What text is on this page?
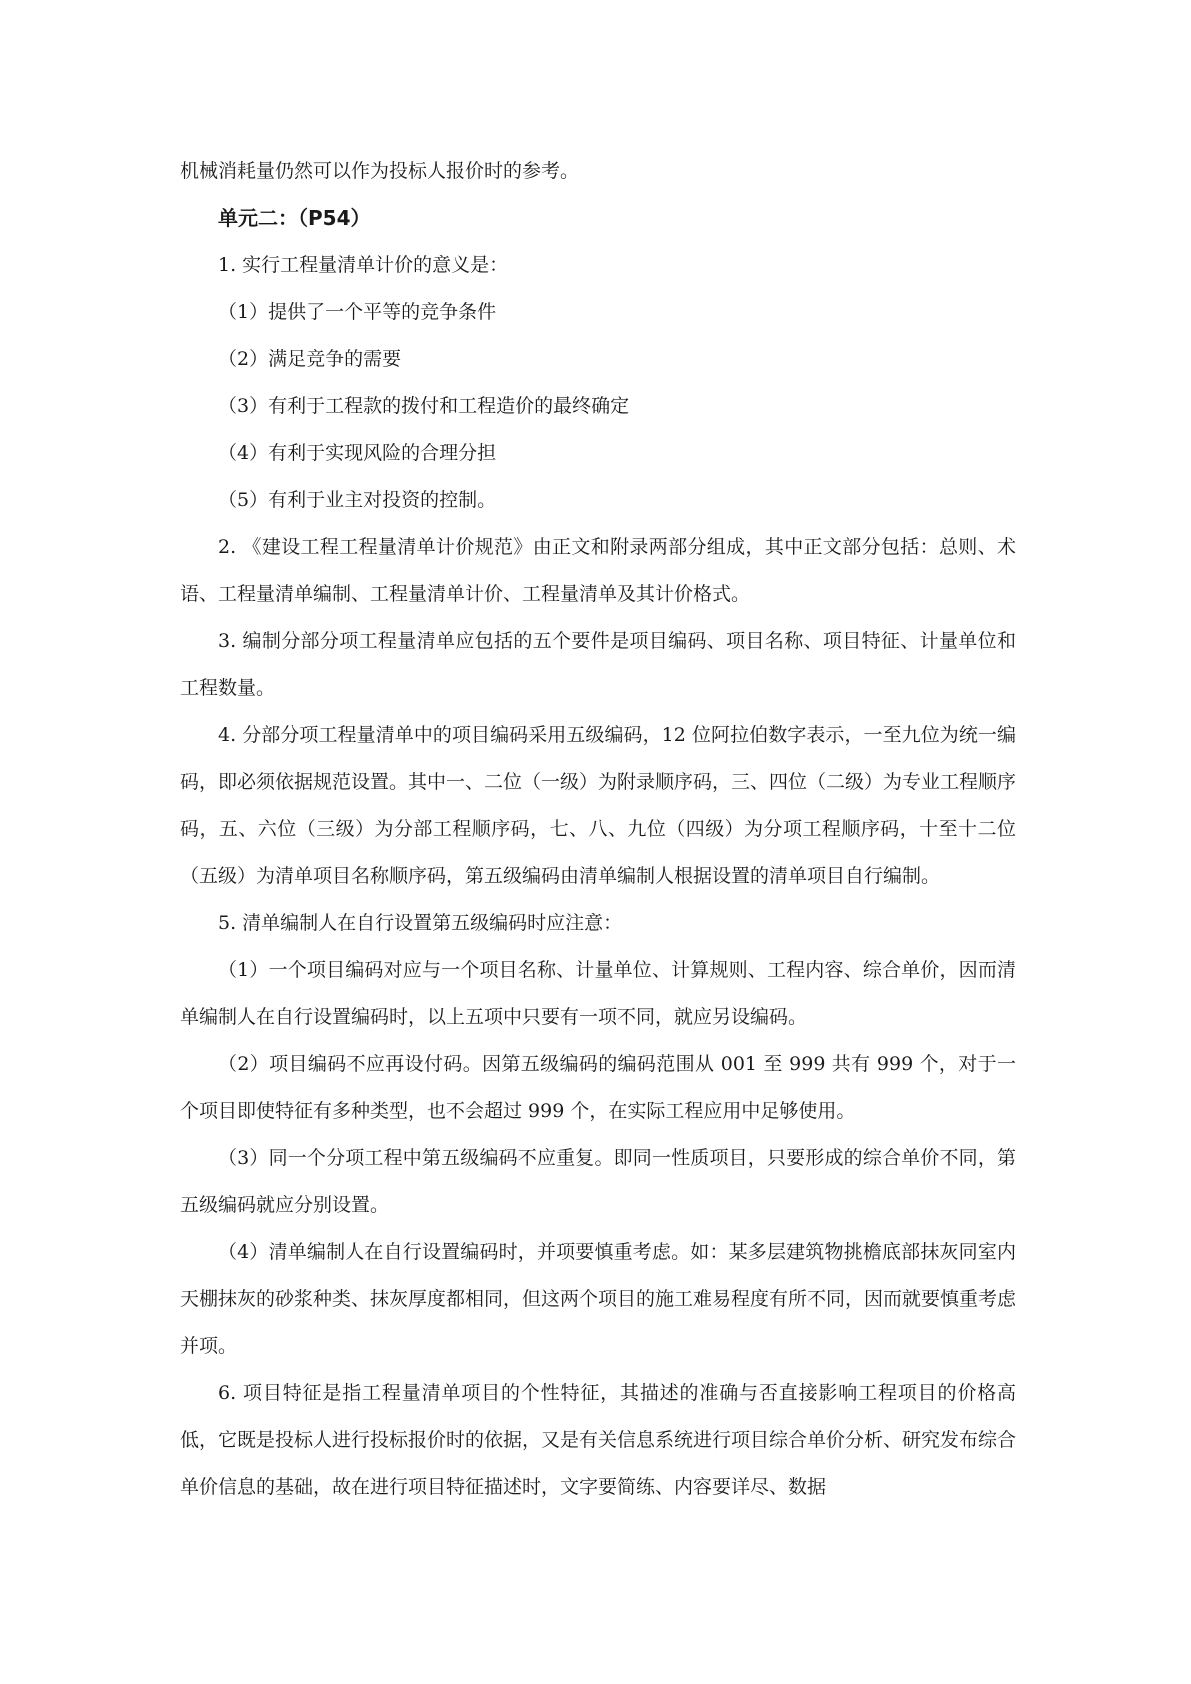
机械消耗量仍然可以作为投标人报价时的参考。

单元二：（P54）

1. 实行工程量清单计价的意义是：

（1）提供了一个平等的竞争条件

（2）满足竞争的需要

（3）有利于工程款的拨付和工程造价的最终确定

（4）有利于实现风险的合理分担

（5）有利于业主对投资的控制。

2. 《建设工程工程量清单计价规范》由正文和附录两部分组成，其中正文部分包括：总则、术语、工程量清单编制、工程量清单计价、工程量清单及其计价格式。

3. 编制分部分项工程量清单应包括的五个要件是项目编码、项目名称、项目特征、计量单位和工程数量。

4. 分部分项工程量清单中的项目编码采用五级编码，12 位阿拉伯数字表示，一至九位为统一编码，即必须依据规范设置。其中一、二位（一级）为附录顺序码，三、四位（二级）为专业工程顺序码，五、六位（三级）为分部工程顺序码，七、八、九位（四级）为分项工程顺序码，十至十二位（五级）为清单项目名称顺序码，第五级编码由清单编制人根据设置的清单项目自行编制。

5. 清单编制人在自行设置第五级编码时应注意：

（1）一个项目编码对应与一个项目名称、计量单位、计算规则、工程内容、综合单价，因而清单编制人在自行设置编码时，以上五项中只要有一项不同，就应另设编码。

（2）项目编码不应再设付码。因第五级编码的编码范围从 001 至 999 共有 999 个，对于一个项目即使特征有多种类型，也不会超过 999 个，在实际工程应用中足够使用。

（3）同一个分项工程中第五级编码不应重复。即同一性质项目，只要形成的综合单价不同，第五级编码就应分别设置。

（4）清单编制人在自行设置编码时，并项要慎重考虑。如：某多层建筑物挑檐底部抹灰同室内天棚抹灰的砂浆种类、抹灰厚度都相同，但这两个项目的施工难易程度有所不同，因而就要慎重考虑并项。

6. 项目特征是指工程量清单项目的个性特征，其描述的准确与否直接影响工程项目的价格高低，它既是投标人进行投标报价时的依据，又是有关信息系统进行项目综合单价分析、研究发布综合单价信息的基础，故在进行项目特征描述时，文字要简练、内容要详尽、数据
